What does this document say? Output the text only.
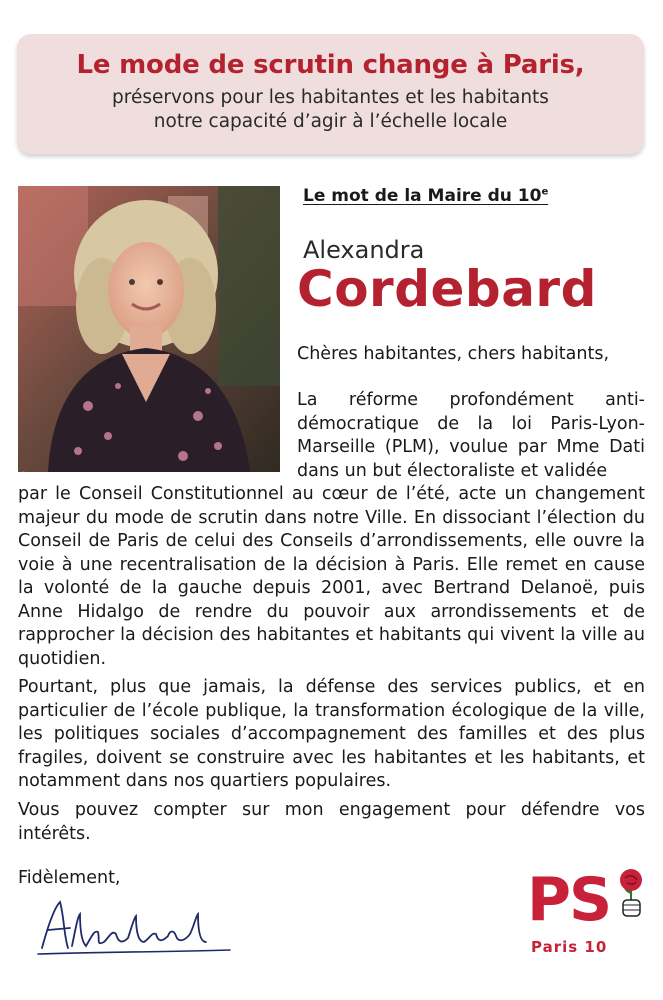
Le mode de scrutin change à Paris,
préservons pour les habitantes et les habitants
notre capacité d’agir à l’échelle locale
© Mathieu Delmestre
Le mot de la Maire du 10e
Alexandra
Cordebard
Chères habitantes, chers habitants,
La réforme profondément anti-démocratique de la loi Paris-Lyon-Marseille (PLM), voulue par Mme Dati dans un but électoraliste et validée

par le Conseil Constitutionnel au cœur de l’été, acte un changement majeur du mode de scrutin dans notre Ville. En dissociant l’élection du Conseil de Paris de celui des Conseils d’arrondissements, elle ouvre la voie à une recentralisation de la décision à Paris. Elle remet en cause la volonté de la gauche depuis 2001, avec Bertrand Delanoë, puis Anne Hidalgo de rendre du pouvoir aux arrondissements et de rapprocher la décision des habitantes et habitants qui vivent la ville au quotidien.

Pourtant, plus que jamais, la défense des services publics, et en particulier de l’école publique, la transformation écologique de la ville, les politiques sociales d’accompagnement des familles et des plus fragiles, doivent se construire avec les habitantes et les habitants, et notamment dans nos quartiers populaires.

Vous pouvez compter sur mon engagement pour défendre vos intérêts.

Fidèlement,	PS
Paris 10
